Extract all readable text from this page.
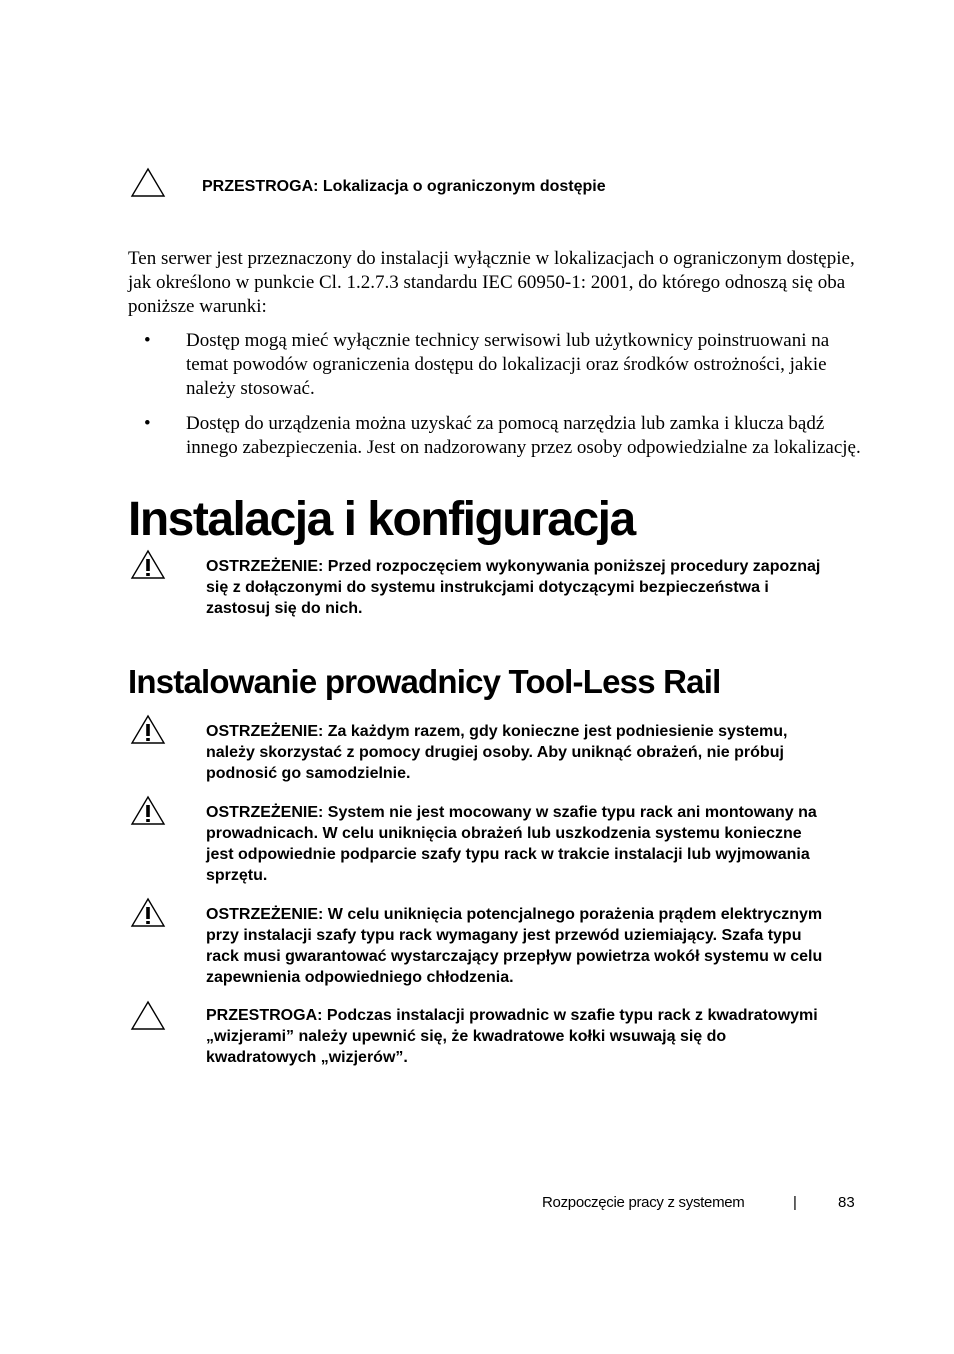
PRZESTROGA: Lokalizacja o ograniczonym dostępie
Ten serwer jest przeznaczony do instalacji wyłącznie w lokalizacjach o ograniczonym dostępie, jak określono w punkcie Cl. 1.2.7.3 standardu IEC 60950-1: 2001, do którego odnoszą się oba poniższe warunki:
• Dostęp mogą mieć wyłącznie technicy serwisowi lub użytkownicy poinstruowani na temat powodów ograniczenia dostępu do lokalizacji oraz środków ostrożności, jakie należy stosować.
• Dostęp do urządzenia można uzyskać za pomocą narzędzia lub zamka i klucza bądź innego zabezpieczenia. Jest on nadzorowany przez osoby odpowiedzialne za lokalizację.
Instalacja i konfiguracja
OSTRZEŻENIE: Przed rozpoczęciem wykonywania poniższej procedury zapoznaj się z dołączonymi do systemu instrukcjami dotyczącymi bezpieczeństwa i zastosuj się do nich.
Instalowanie prowadnicy Tool-Less Rail
OSTRZEŻENIE: Za każdym razem, gdy konieczne jest podniesienie systemu, należy skorzystać z pomocy drugiej osoby. Aby uniknąć obrażeń, nie próbuj podnosić go samodzielnie.
OSTRZEŻENIE: System nie jest mocowany w szafie typu rack ani montowany na prowadnicach. W celu uniknięcia obrażeń lub uszkodzenia systemu konieczne jest odpowiednie podparcie szafy typu rack w trakcie instalacji lub wyjmowania sprzętu.
OSTRZEŻENIE: W celu uniknięcia potencjalnego porażenia prądem elektrycznym przy instalacji szafy typu rack wymagany jest przewód uziemiający. Szafa typu rack musi gwarantować wystarczający przepływ powietrza wokół systemu w celu zapewnienia odpowiedniego chłodzenia.
PRZESTROGA: Podczas instalacji prowadnic w szafie typu rack z kwadratowymi „wizjerami” należy upewnić się, że kwadratowe kołki wsuwają się do kwadratowych „wizjerów”.
Rozpoczęcie pracy z systemem	|	83
